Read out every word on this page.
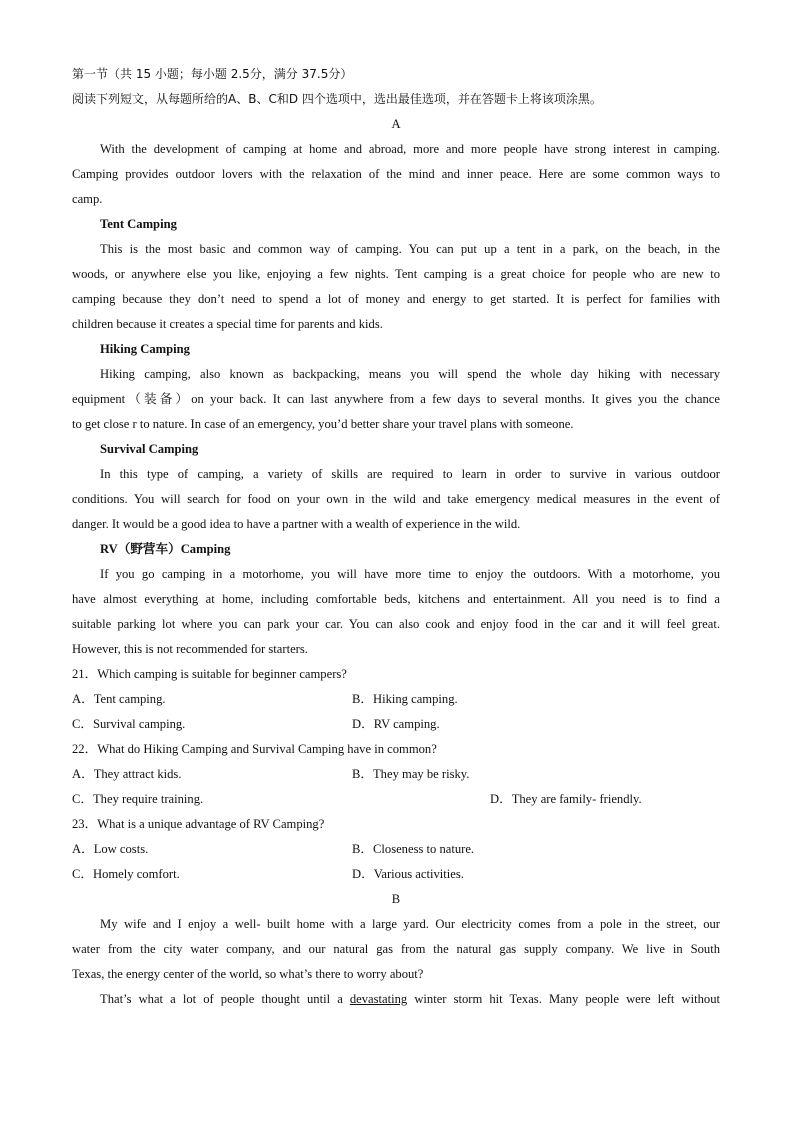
第一节（共 15 小题；每小题 2.5分，满分 37.5分）
阅读下列短文，从每题所给的A、B、C和D 四个选项中，选出最佳选项，并在答题卡上将该项涂黑。
A
With the development of camping at home and abroad, more and more people have strong interest in camping.
Camping provides outdoor lovers with the relaxation of the mind and inner peace. Here are some common ways to
camp.
Tent Camping
This is the most basic and common way of camping. You can put up a tent in a park, on the beach, in the
woods, or anywhere else you like, enjoying a few nights. Tent camping is a great choice for people who are new to
camping because they don’t need to spend a lot of money and energy to get started. It is perfect for families with
children because it creates a special time for parents and kids.
Hiking Camping
Hiking camping, also known as backpacking, means you will spend the whole day hiking with necessary
equipment（装备）on your back. It can last anywhere from a few days to several months. It gives you the chance
to get close r to nature. In case of an emergency, you’d better share your travel plans with someone.
Survival Camping
In this type of camping, a variety of skills are required to learn in order to survive in various outdoor
conditions. You will search for food on your own in the wild and take emergency medical measures in the event of
danger. It would be a good idea to have a partner with a wealth of experience in the wild.
RV（野营车）Camping
If you go camping in a motorhome, you will have more time to enjoy the outdoors. With a motorhome, you
have almost everything at home, including comfortable beds, kitchens and entertainment. All you need is to find a
suitable parking lot where you can park your car. You can also cook and enjoy food in the car and it will feel great.
However, this is not recommended for starters.
21．Which camping is suitable for beginner campers?
A．Tent camping.	B．Hiking camping.
C．Survival camping.	D．RV camping.
22．What do Hiking Camping and Survival Camping have in common?
A．They attract kids.	B．They may be risky.
C．They require training.	D．They are family- friendly.
23．What is a unique advantage of RV Camping?
A．Low costs.	B．Closeness to nature.
C．Homely comfort.	D．Various activities.
B
My wife and I enjoy a well- built home with a large yard. Our electricity comes from a pole in the street, our
water from the city water company, and our natural gas from the natural gas supply company. We live in South
Texas, the energy center of the world, so what’s there to worry about?
That’s what a lot of people thought until a devastating winter storm hit Texas. Many people were left without
